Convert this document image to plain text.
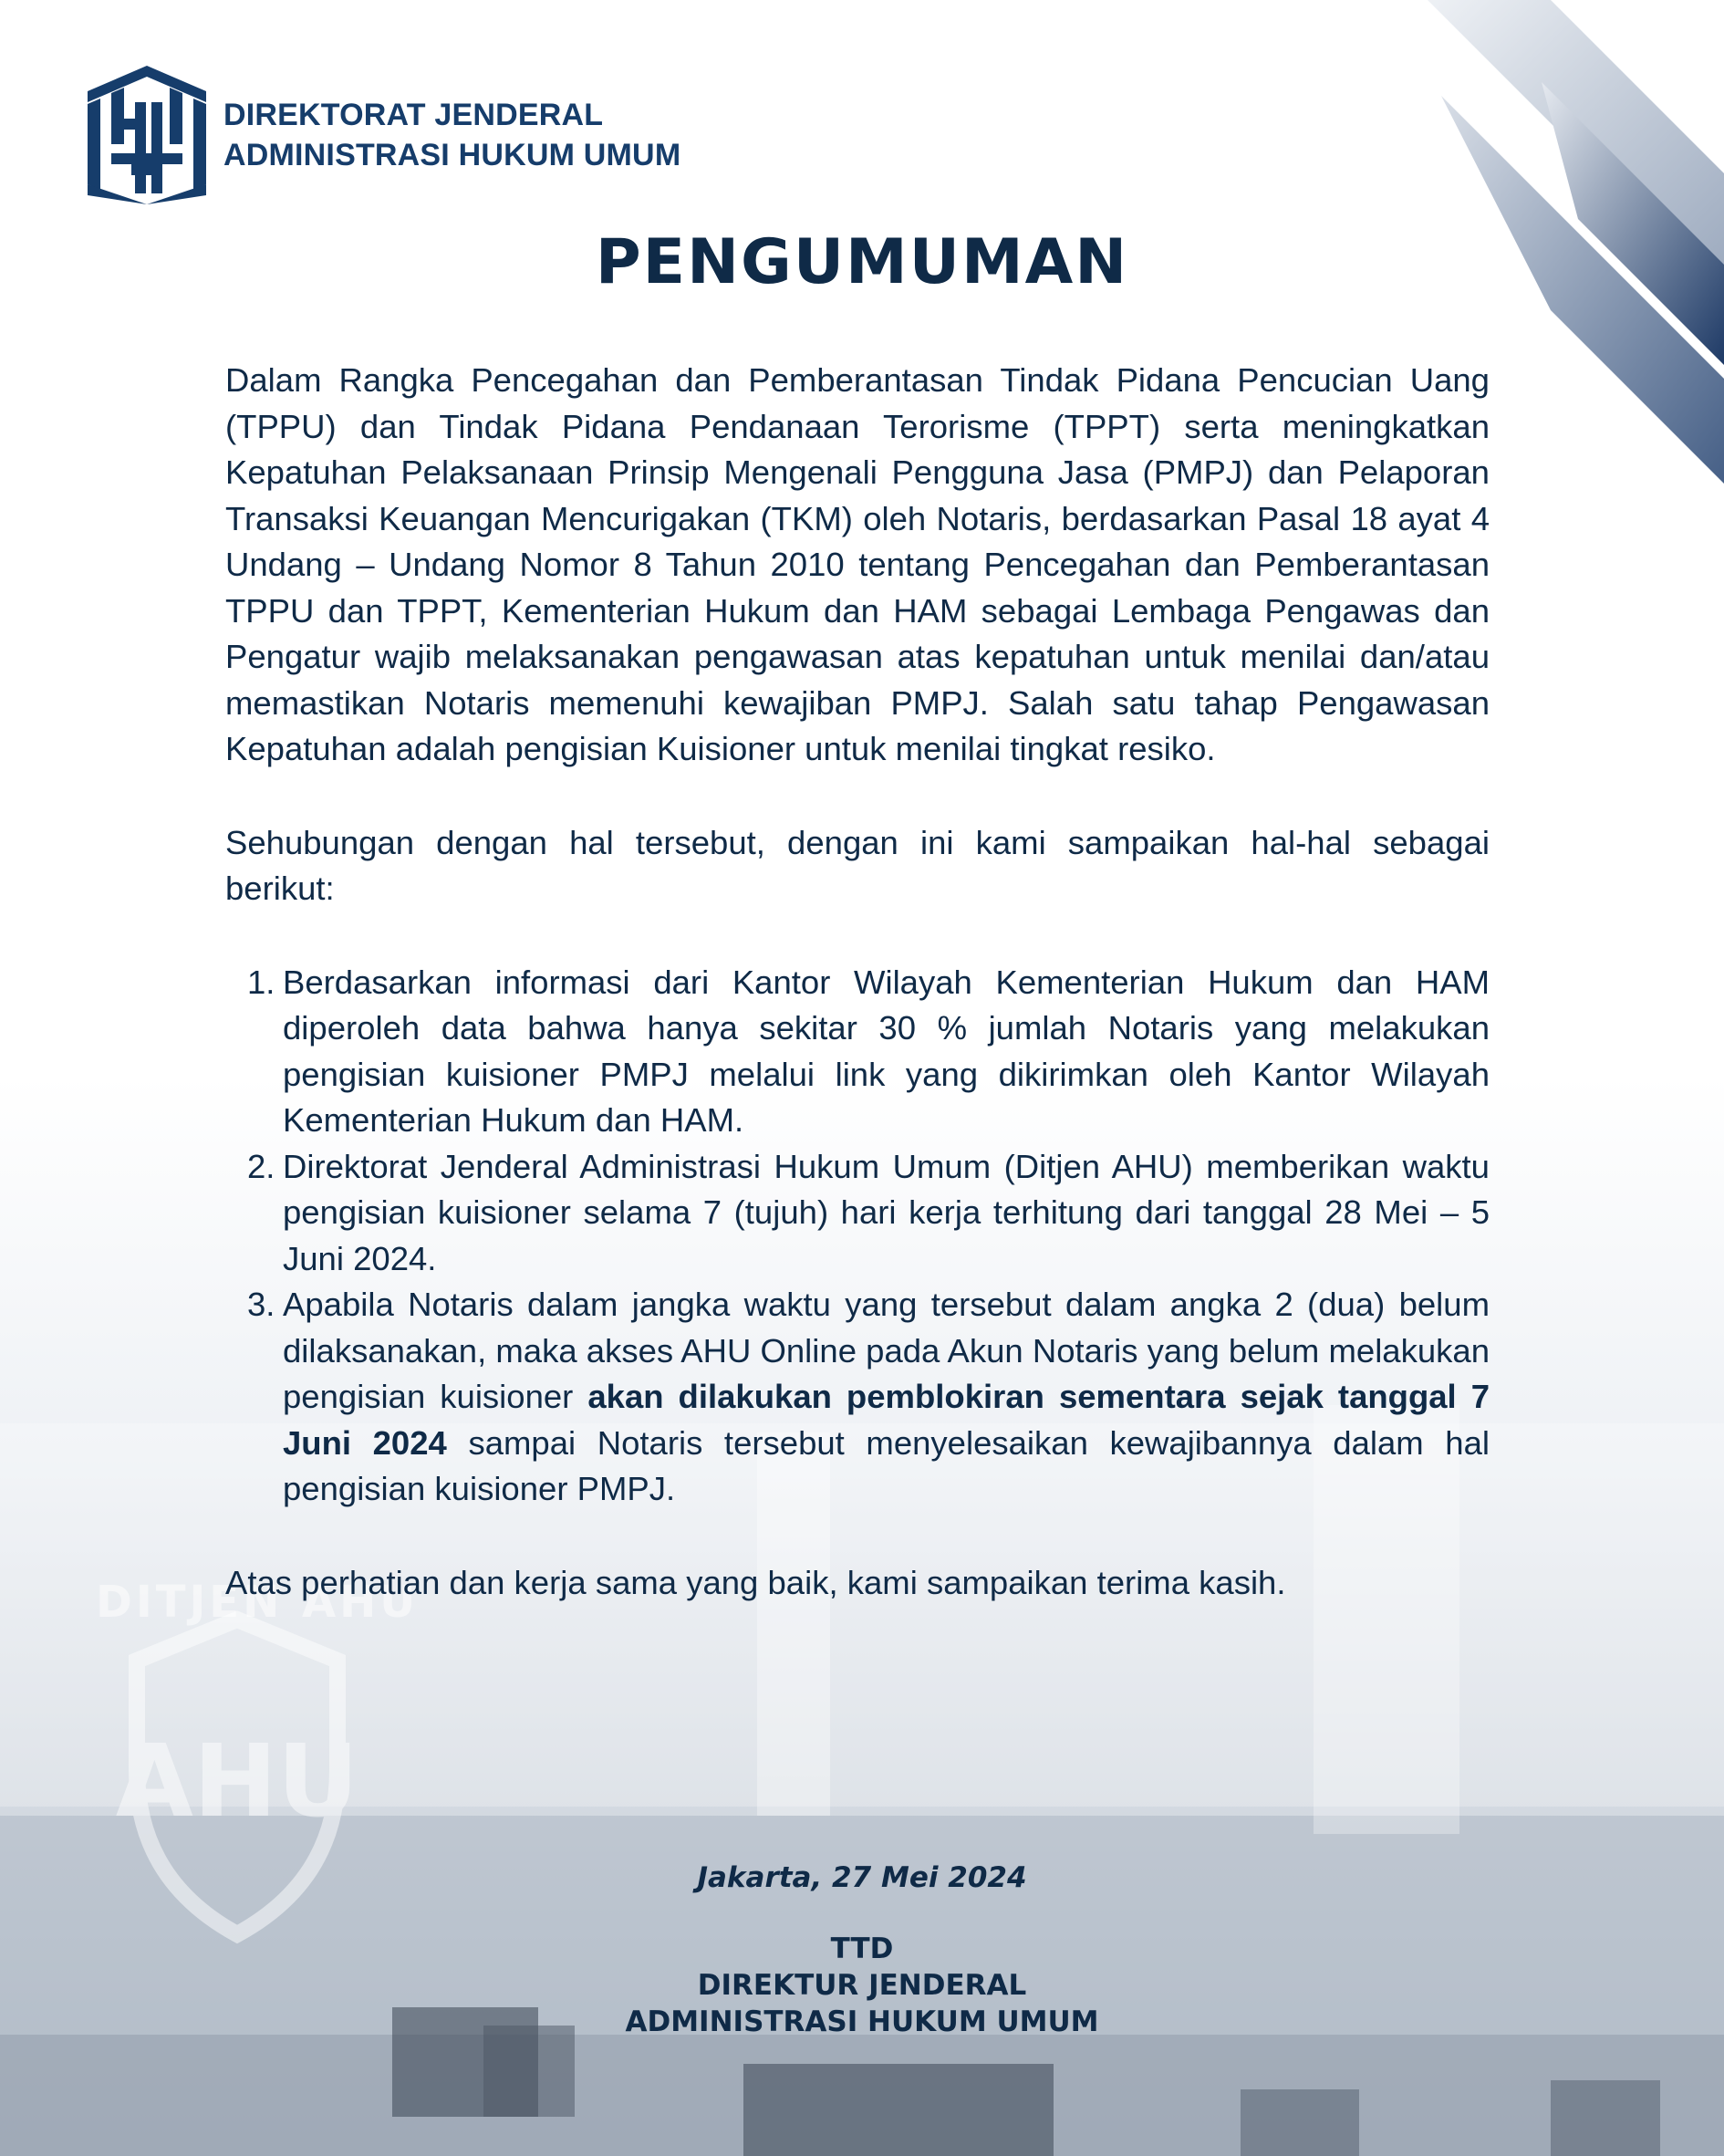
DITJEN AHU
AHU
DIREKTORAT JENDERAL
ADMINISTRASI HUKUM UMUM
PENGUMUMAN

Dalam Rangka Pencegahan dan Pemberantasan Tindak Pidana Pencucian Uang (TPPU) dan Tindak Pidana Pendanaan Terorisme (TPPT) serta meningkatkan Kepatuhan Pelaksanaan Prinsip Mengenali Pengguna Jasa (PMPJ) dan Pelaporan Transaksi Keuangan Mencurigakan (TKM) oleh Notaris, berdasarkan Pasal 18 ayat 4 Undang – Undang Nomor 8 Tahun 2010 tentang Pencegahan dan Pemberantasan TPPU dan TPPT, Kementerian Hukum dan HAM sebagai Lembaga Pengawas dan Pengatur wajib melaksanakan pengawasan atas kepatuhan untuk menilai dan/atau memastikan Notaris memenuhi kewajiban PMPJ. Salah satu tahap Pengawasan Kepatuhan adalah pengisian Kuisioner untuk menilai tingkat resiko.

Sehubungan dengan hal tersebut, dengan ini kami sampaikan hal-hal sebagai berikut:

1. Berdasarkan informasi dari Kantor Wilayah Kementerian Hukum dan HAM diperoleh data bahwa hanya sekitar 30 % jumlah Notaris yang melakukan pengisian kuisioner PMPJ melalui link yang dikirimkan oleh Kantor Wilayah Kementerian Hukum dan HAM.
2. Direktorat Jenderal Administrasi Hukum Umum (Ditjen AHU) memberikan waktu pengisian kuisioner selama 7 (tujuh) hari kerja terhitung dari tanggal 28 Mei – 5 Juni 2024.
3. Apabila Notaris dalam jangka waktu yang tersebut dalam angka 2 (dua) belum dilaksanakan, maka akses AHU Online pada Akun Notaris yang belum melakukan pengisian kuisioner akan dilakukan pemblokiran sementara sejak tanggal 7 Juni 2024 sampai Notaris tersebut menyelesaikan kewajibannya dalam hal pengisian kuisioner PMPJ.

Atas perhatian dan kerja sama yang baik, kami sampaikan terima kasih.

Jakarta, 27 Mei 2024
TTD
DIREKTUR JENDERAL
ADMINISTRASI HUKUM UMUM
